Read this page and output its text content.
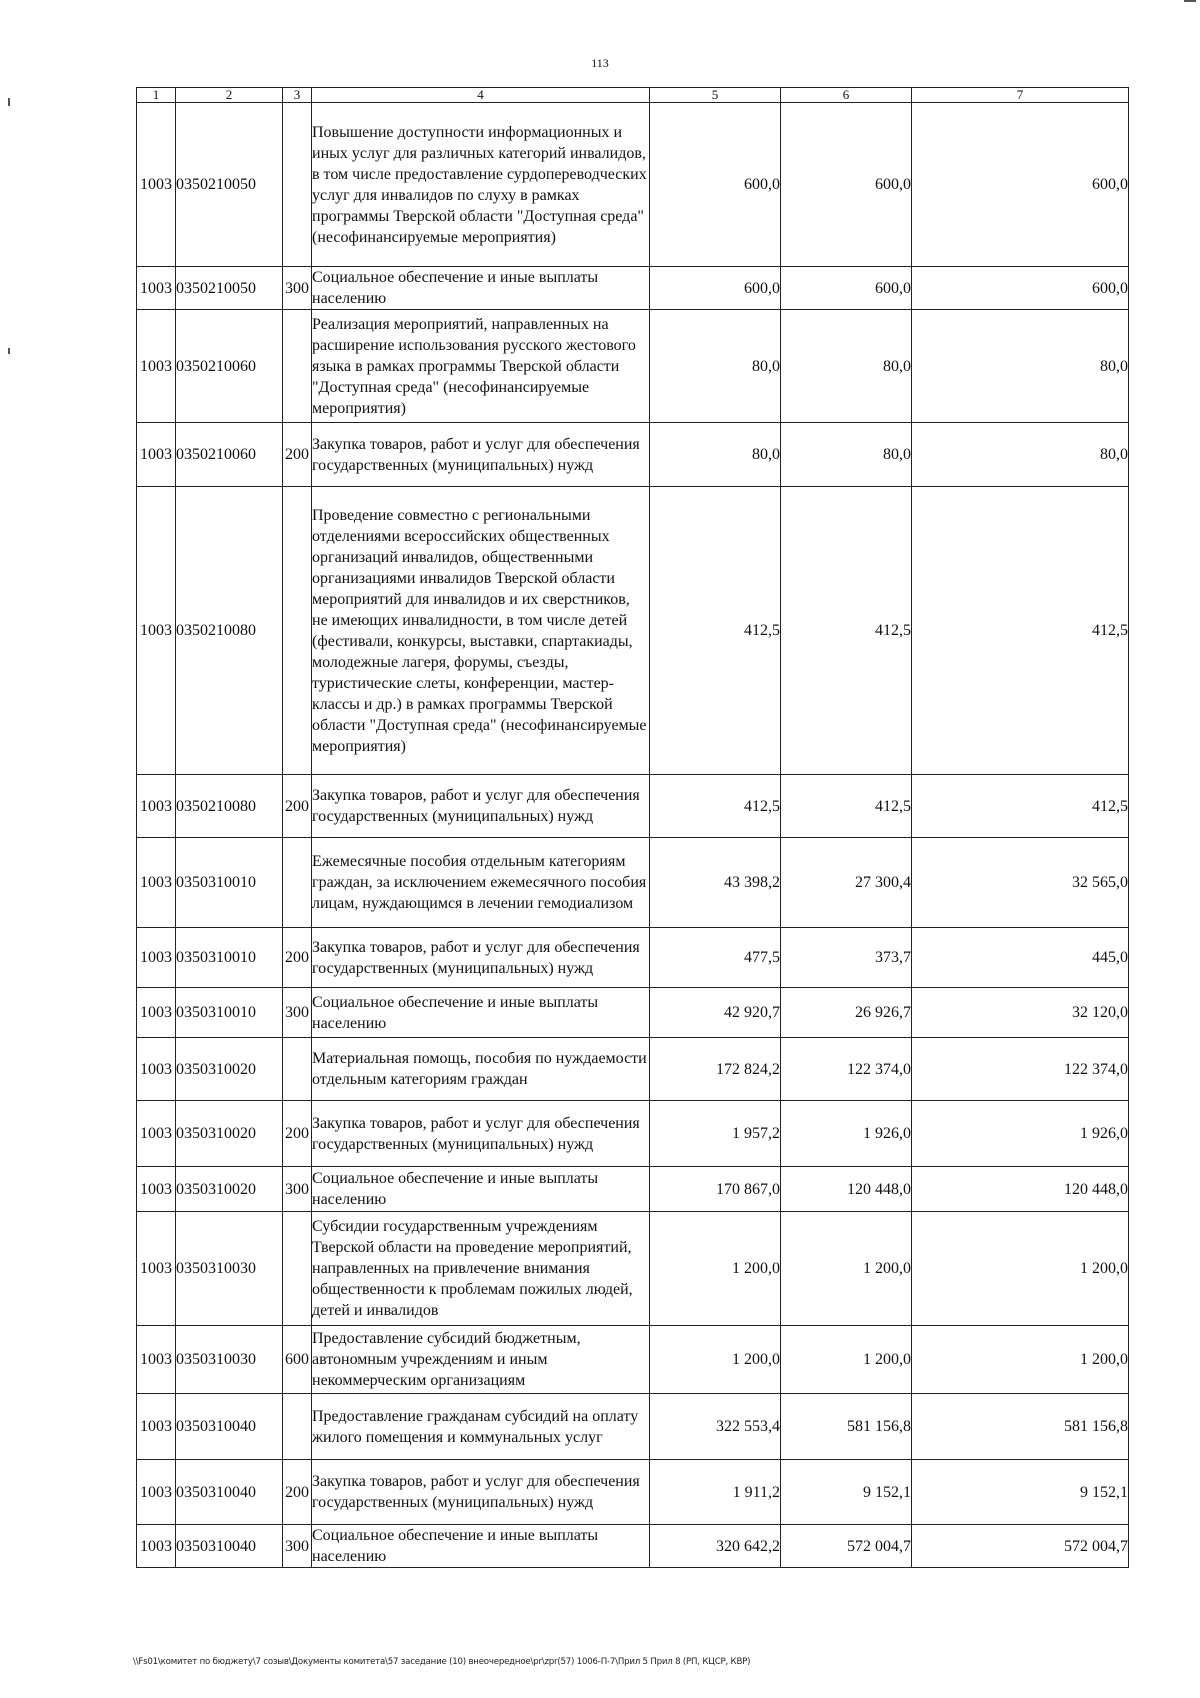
113
1	2	3	4	5	6	7
1003	0350210050		Повышение доступности информационных и иных услуг для различных категорий инвалидов, в том числе предоставление сурдопереводческих услуг для инвалидов по слуху в рамках программы Тверской области "Доступная среда" (несофинансируемые мероприятия)	600,0	600,0	600,0
1003	0350210050	300	Социальное обеспечение и иные выплаты населению	600,0	600,0	600,0
1003	0350210060		Реализация мероприятий, направленных на расширение использования русского жестового языка в рамках программы Тверской области "Доступная среда" (несофинансируемые мероприятия)	80,0	80,0	80,0
1003	0350210060	200	Закупка товаров, работ и услуг для обеспечения государственных (муниципальных) нужд	80,0	80,0	80,0
1003	0350210080		Проведение совместно с региональными отделениями всероссийских общественных организаций инвалидов, общественными организациями инвалидов Тверской области мероприятий для инвалидов и их сверстников, не имеющих инвалидности, в том числе детей (фестивали, конкурсы, выставки, спартакиады, молодежные лагеря, форумы, съезды, туристические слеты, конференции, мастер-классы и др.) в рамках программы Тверской области "Доступная среда" (несофинансируемые мероприятия)	412,5	412,5	412,5
1003	0350210080	200	Закупка товаров, работ и услуг для обеспечения государственных (муниципальных) нужд	412,5	412,5	412,5
1003	0350310010		Ежемесячные пособия отдельным категориям граждан, за исключением ежемесячного пособия лицам, нуждающимся в лечении гемодиализом	43 398,2	27 300,4	32 565,0
1003	0350310010	200	Закупка товаров, работ и услуг для обеспечения государственных (муниципальных) нужд	477,5	373,7	445,0
1003	0350310010	300	Социальное обеспечение и иные выплаты населению	42 920,7	26 926,7	32 120,0
1003	0350310020		Материальная помощь, пособия по нуждаемости отдельным категориям граждан	172 824,2	122 374,0	122 374,0
1003	0350310020	200	Закупка товаров, работ и услуг для обеспечения государственных (муниципальных) нужд	1 957,2	1 926,0	1 926,0
1003	0350310020	300	Социальное обеспечение и иные выплаты населению	170 867,0	120 448,0	120 448,0
1003	0350310030		Субсидии государственным учреждениям Тверской области на проведение мероприятий, направленных на привлечение внимания общественности к проблемам пожилых людей, детей и инвалидов	1 200,0	1 200,0	1 200,0
1003	0350310030	600	Предоставление субсидий бюджетным, автономным учреждениям и иным некоммерческим организациям	1 200,0	1 200,0	1 200,0
1003	0350310040		Предоставление гражданам субсидий на оплату жилого помещения и коммунальных услуг	322 553,4	581 156,8	581 156,8
1003	0350310040	200	Закупка товаров, работ и услуг для обеспечения государственных (муниципальных) нужд	1 911,2	9 152,1	9 152,1
1003	0350310040	300	Социальное обеспечение и иные выплаты населению	320 642,2	572 004,7	572 004,7
\\Fs01\комитет по бюджету\7 созыв\Документы комитета\57 заседание (10) внеочередное\pr\zpr(57) 1006-П-7\Прил 5 Прил 8 (РП, КЦСР, КВР)
